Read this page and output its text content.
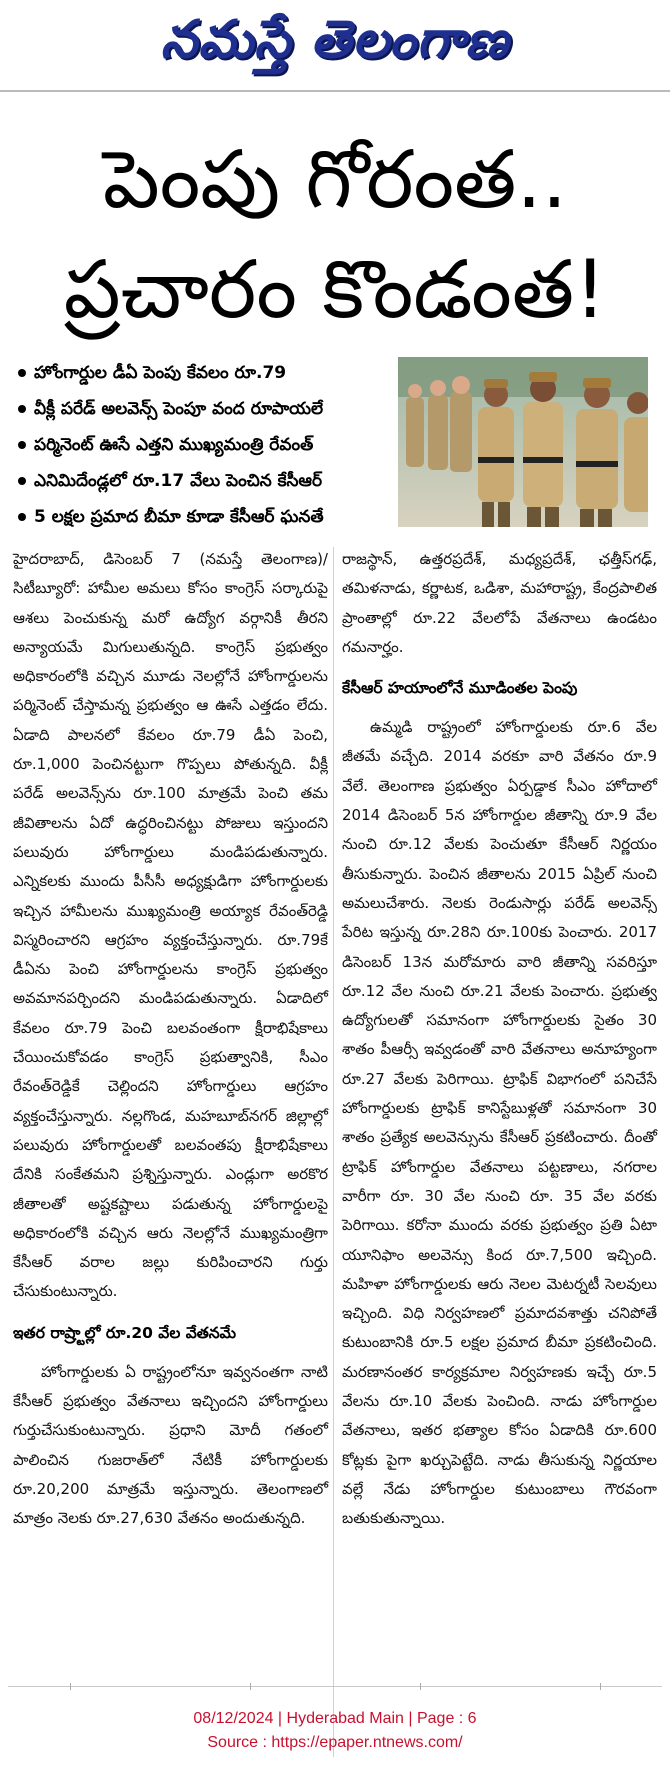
నమస్తే తెలంగాణ
పెంపు గోరంత..
ప్రచారం కొండంత!
హోంగార్డుల డీఏ పెంపు కేవలం రూ.79
వీక్లీ పరేడ్ అలవెన్స్ పెంపూ వంద రూపాయలే
పర్మినెంట్ ఊసే ఎత్తని ముఖ్యమంత్రి రేవంత్
ఎనిమిదేండ్లలో రూ.17 వేలు పెంచిన కేసీఆర్
5 లక్షల ప్రమాద బీమా కూడా కేసీఆర్ ఘనతే

హైదరాబాద్, డిసెంబర్ 7 (నమస్తే తెలంగాణ)/సిటీబ్యూరో: హామీల అమలు కోసం కాంగ్రెస్ సర్కారుపై ఆశలు పెంచుకున్న మరో ఉద్యోగ వర్గానికీ తీరని అన్యాయమే మిగులుతున్నది. కాంగ్రెస్ ప్రభుత్వం అధికారంలోకి వచ్చిన మూడు నెలల్లోనే హోంగార్డులను పర్మినెంట్ చేస్తామన్న ప్రభుత్వం ఆ ఊసే ఎత్తడం లేదు. ఏడాది పాలనలో కేవలం రూ.79 డీఏ పెంచి, రూ.1,000 పెంచినట్టుగా గొప్పలు పోతున్నది. వీక్లీ పరేడ్ అలవెన్స్‌ను రూ.100 మాత్రమే పెంచి తమ జీవితాలను ఏదో ఉద్ధరించినట్టు పోజులు ఇస్తుందని పలువురు హోంగార్డులు మండిపడుతున్నారు. ఎన్నికలకు ముందు పీసీసీ అధ్యక్షుడిగా హోంగార్డులకు ఇచ్చిన హామీలను ముఖ్యమంత్రి అయ్యాక రేవంత్‌రెడ్డి విస్మరించారని ఆగ్రహం వ్యక్తంచేస్తున్నారు. రూ.79కే డీఏను పెంచి హోంగార్డులను కాంగ్రెస్ ప్రభుత్వం అవమానపర్చిందని మండిపడుతున్నారు. ఏడాదిలో కేవలం రూ.79 పెంచి బలవంతంగా క్షీరాభిషేకాలు చేయించుకోవడం కాంగ్రెస్ ప్రభుత్వానికి, సీఎం రేవంత్‌రెడ్డికే చెల్లిందని హోంగార్డులు ఆగ్రహం వ్యక్తంచేస్తున్నారు. నల్లగొండ, మహబూబ్‌నగర్ జిల్లాల్లో పలువురు హోంగార్డులతో బలవంతపు క్షీరాభిషేకాలు దేనికి సంకేతమని ప్రశ్నిస్తున్నారు. ఎండ్లుగా అరకొర జీతాలతో అష్టకష్టాలు పడుతున్న హోంగార్డులపై అధికారంలోకి వచ్చిన ఆరు నెలల్లోనే ముఖ్యమంత్రిగా కేసీఆర్ వరాల జల్లు కురిపించారని గుర్తు చేసుకుంటున్నారు.

ఇతర రాష్ర్టాల్లో రూ.20 వేల వేతనమే

హోంగార్డులకు ఏ రాష్ట్రంలోనూ ఇవ్వనంతగా నాటి కేసీఆర్ ప్రభుత్వం వేతనాలు ఇచ్చిందని హోంగార్డులు గుర్తుచేసుకుంటున్నారు. ప్రధాని మోదీ గతంలో పాలించిన గుజరాత్‌లో నేటికీ హోంగార్డులకు రూ.20,200 మాత్రమే ఇస్తున్నారు. తెలంగాణలో మాత్రం నెలకు రూ.27,630 వేతనం అందుతున్నది.

రాజస్థాన్, ఉత్తరప్రదేశ్, మధ్యప్రదేశ్, ఛత్తీస్‌గఢ్, తమిళనాడు, కర్ణాటక, ఒడిశా, మహారాష్ట్ర, కేంద్రపాలిత ప్రాంతాల్లో రూ.22 వేలలోపే వేతనాలు ఉండటం గమనార్హం.

కేసీఆర్ హయాంలోనే మూడింతల పెంపు

ఉమ్మడి రాష్ట్రంలో హోంగార్డులకు రూ.6 వేల జీతమే వచ్చేది. 2014 వరకూ వారి వేతనం రూ.9 వేలే. తెలంగాణ ప్రభుత్వం ఏర్పడ్డాక సీఎం హోదాలో 2014 డిసెంబర్ 5న హోంగార్డుల జీతాన్ని రూ.9 వేల నుంచి రూ.12 వేలకు పెంచుతూ కేసీఆర్ నిర్ణయం తీసుకున్నారు. పెంచిన జీతాలను 2015 ఏప్రిల్ నుంచి అమలుచేశారు. నెలకు రెండుసార్లు పరేడ్ అలవెన్స్ పేరిట ఇస్తున్న రూ.28ని రూ.100కు పెంచారు. 2017 డిసెంబర్ 13న మరోమారు వారి జీతాన్ని సవరిస్తూ రూ.12 వేల నుంచి రూ.21 వేలకు పెంచారు. ప్రభుత్వ ఉద్యోగులతో సమానంగా హోంగార్డులకు సైతం 30 శాతం పీఆర్సీ ఇవ్వడంతో వారి వేతనాలు అనూహ్యంగా రూ.27 వేలకు పెరిగాయి. ట్రాఫిక్ విభాగంలో పనిచేసే హోంగార్డులకు ట్రాఫిక్ కానిస్టేబుళ్లతో సమానంగా 30 శాతం ప్రత్యేక అలవెన్సును కేసీఆర్ ప్రకటించారు. దీంతో ట్రాఫిక్ హోంగార్డుల వేతనాలు పట్టణాలు, నగరాల వారీగా రూ. 30 వేల నుంచి రూ. 35 వేల వరకు పెరిగాయి. కరోనా ముందు వరకు ప్రభుత్వం ప్రతి ఏటా యూనిఫాం అలవెన్సు కింద రూ.7,500 ఇచ్చింది. మహిళా హోంగార్డులకు ఆరు నెలల మెటర్నటీ సెలవులు ఇచ్చింది. విధి నిర్వహణలో ప్రమాదవశాత్తు చనిపోతే కుటుంబానికి రూ.5 లక్షల ప్రమాద బీమా ప్రకటించింది. మరణానంతర కార్యక్రమాల నిర్వహణకు ఇచ్చే రూ.5 వేలను రూ.10 వేలకు పెంచింది. నాడు హోంగార్డుల వేతనాలు, ఇతర భత్యాల కోసం ఏడాదికి రూ.600 కోట్లకు పైగా ఖర్చుపెట్టేది. నాడు తీసుకున్న నిర్ణయాల వల్లే నేడు హోంగార్డుల కుటుంబాలు గౌరవంగా బతుకుతున్నాయి.

08/12/2024 | Hyderabad Main | Page : 6
Source : https://epaper.ntnews.com/
